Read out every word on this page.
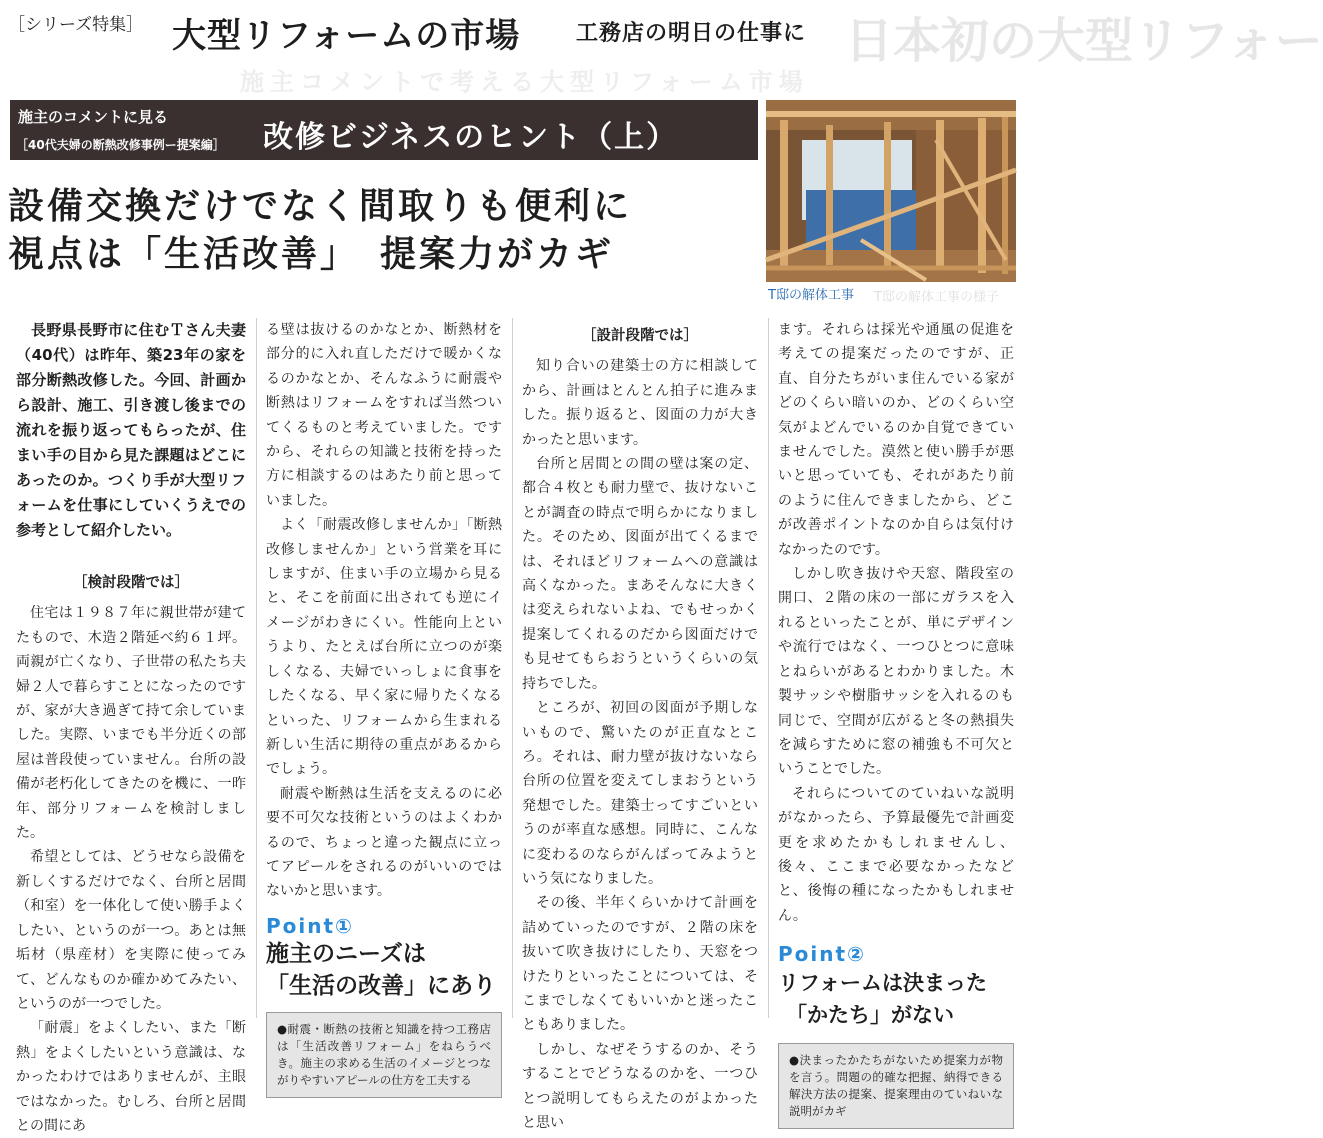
日本初の大型リフォー
施主コメントで考える大型リフォーム市場
［シリーズ特集］ 大型リフォームの市場	工務店の明日の仕事に
施主のコメントに見る
［40代夫婦の断熱改修事例ー提案編］ 改修ビジネスのヒント（上）
設備交換だけでなく間取りも便利に
視点は「生活改善」　提案力がカギ
T邸の解体工事 T邸の解体工事の様子

長野県長野市に住むＴさん夫妻（40代）は昨年、築23年の家を部分断熱改修した。今回、計画から設計、施工、引き渡し後までの流れを振り返ってもらったが、住まい手の目から見た課題はどこにあったのか。つくり手が大型リフォームを仕事にしていくうえでの参考として紹介したい。

［検討段階では］

住宅は１９８７年に親世帯が建てたもので、木造２階延べ約６１坪。両親が亡くなり、子世帯の私たち夫婦２人で暮らすことになったのですが、家が大き過ぎて持て余していました。実際、いまでも半分近くの部屋は普段使っていません。台所の設備が老朽化してきたのを機に、一昨年、部分リフォームを検討しました。

希望としては、どうせなら設備を新しくするだけでなく、台所と居間（和室）を一体化して使い勝手よくしたい、というのが一つ。あとは無垢材（県産材）を実際に使ってみて、どんなものか確かめてみたい、というのが一つでした。

「耐震」をよくしたい、また「断熱」をよくしたいという意識は、なかったわけではありませんが、主眼ではなかった。むしろ、台所と居間との間にあ

る壁は抜けるのかなとか、断熱材を部分的に入れ直しただけで暖かくなるのかなとか、そんなふうに耐震や断熱はリフォームをすれば当然ついてくるものと考えていました。ですから、それらの知識と技術を持った方に相談するのはあたり前と思っていました。

よく「耐震改修しませんか」「断熱改修しませんか」という営業を耳にしますが、住まい手の立場から見ると、そこを前面に出されても逆にイメージがわきにくい。性能向上というより、たとえば台所に立つのが楽しくなる、夫婦でいっしょに食事をしたくなる、早く家に帰りたくなるといった、リフォームから生まれる新しい生活に期待の重点があるからでしょう。

耐震や断熱は生活を支えるのに必要不可欠な技術というのはよくわかるので、ちょっと違った観点に立ってアピールをされるのがいいのではないかと思います。

Point①
施主のニーズは
「生活の改善」にあり
●耐震・断熱の技術と知識を持つ工務店は「生活改善リフォーム」をねらうべき。施主の求める生活のイメージとつながりやすいアピールの仕方を工夫する
［設計段階では］

知り合いの建築士の方に相談してから、計画はとんとん拍子に進みました。振り返ると、図面の力が大きかったと思います。

台所と居間との間の壁は案の定、都合４枚とも耐力壁で、抜けないことが調査の時点で明らかになりました。そのため、図面が出てくるまでは、それほどリフォームへの意識は高くなかった。まあそんなに大きくは変えられないよね、でもせっかく提案してくれるのだから図面だけでも見せてもらおうというくらいの気持ちでした。

ところが、初回の図面が予期しないもので、驚いたのが正直なところ。それは、耐力壁が抜けないなら台所の位置を変えてしまおうという発想でした。建築士ってすごいというのが率直な感想。同時に、こんなに変わるのならがんばってみようという気になりました。

その後、半年くらいかけて計画を詰めていったのですが、２階の床を抜いて吹き抜けにしたり、天窓をつけたりといったことについては、そこまでしなくてもいいかと迷ったこともありました。

しかし、なぜそうするのか、そうすることでどうなるのかを、一つひとつ説明してもらえたのがよかったと思い

ます。それらは採光や通風の促進を考えての提案だったのですが、正直、自分たちがいま住んでいる家がどのくらい暗いのか、どのくらい空気がよどんでいるのか自覚できていませんでした。漠然と使い勝手が悪いと思っていても、それがあたり前のように住んできましたから、どこが改善ポイントなのか自らは気付けなかったのです。

しかし吹き抜けや天窓、階段室の開口、２階の床の一部にガラスを入れるといったことが、単にデザインや流行ではなく、一つひとつに意味とねらいがあるとわかりました。木製サッシや樹脂サッシを入れるのも同じで、空間が広がると冬の熱損失を減らすために窓の補強も不可欠ということでした。

それらについてのていねいな説明がなかったら、予算最優先で計画変更を求めたかもしれませんし、後々、ここまで必要なかったなどと、後悔の種になったかもしれません。

Point②
リフォームは決まった
「かたち」がない
●決まったかたちがないため提案力が物を言う。問題の的確な把握、納得できる解決方法の提案、提案理由のていねいな説明がカギ
